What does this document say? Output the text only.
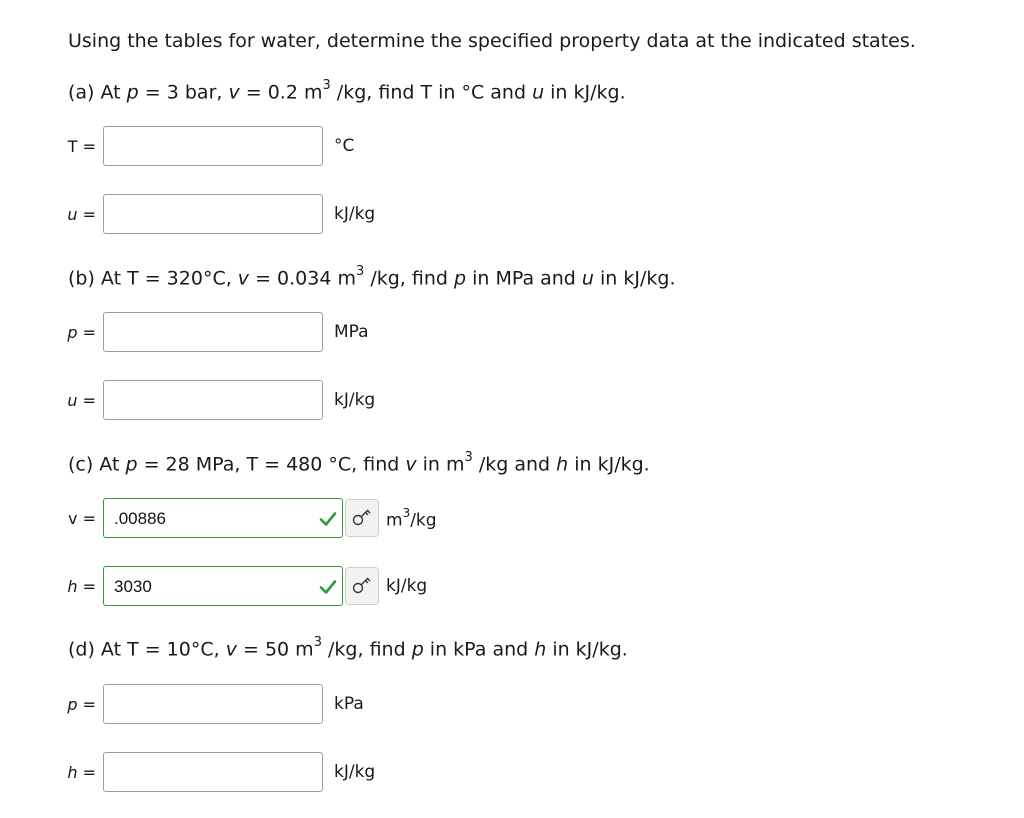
Using the tables for water, determine the specified property data at the indicated states.
(a) At p = 3 bar, v = 0.2 $m^3$ /kg, find T in °C and u in kJ/kg.
T =	°C
u =	kJ/kg
(b) At T = 320°C, v = 0.034 $m^3$ /kg, find p in MPa and u in kJ/kg.
p =	MPa
u =	kJ/kg
(c) At p = 28 MPa, T = 480 °C, find v in $m^3$ /kg and h in kJ/kg.
v =	.00886	$m^3/kg$
h =	3030	kJ/kg
(d) At T = 10°C, v = 50 $m^3$ /kg, find p in kPa and h in kJ/kg.
p =	kPa
h =	kJ/kg
